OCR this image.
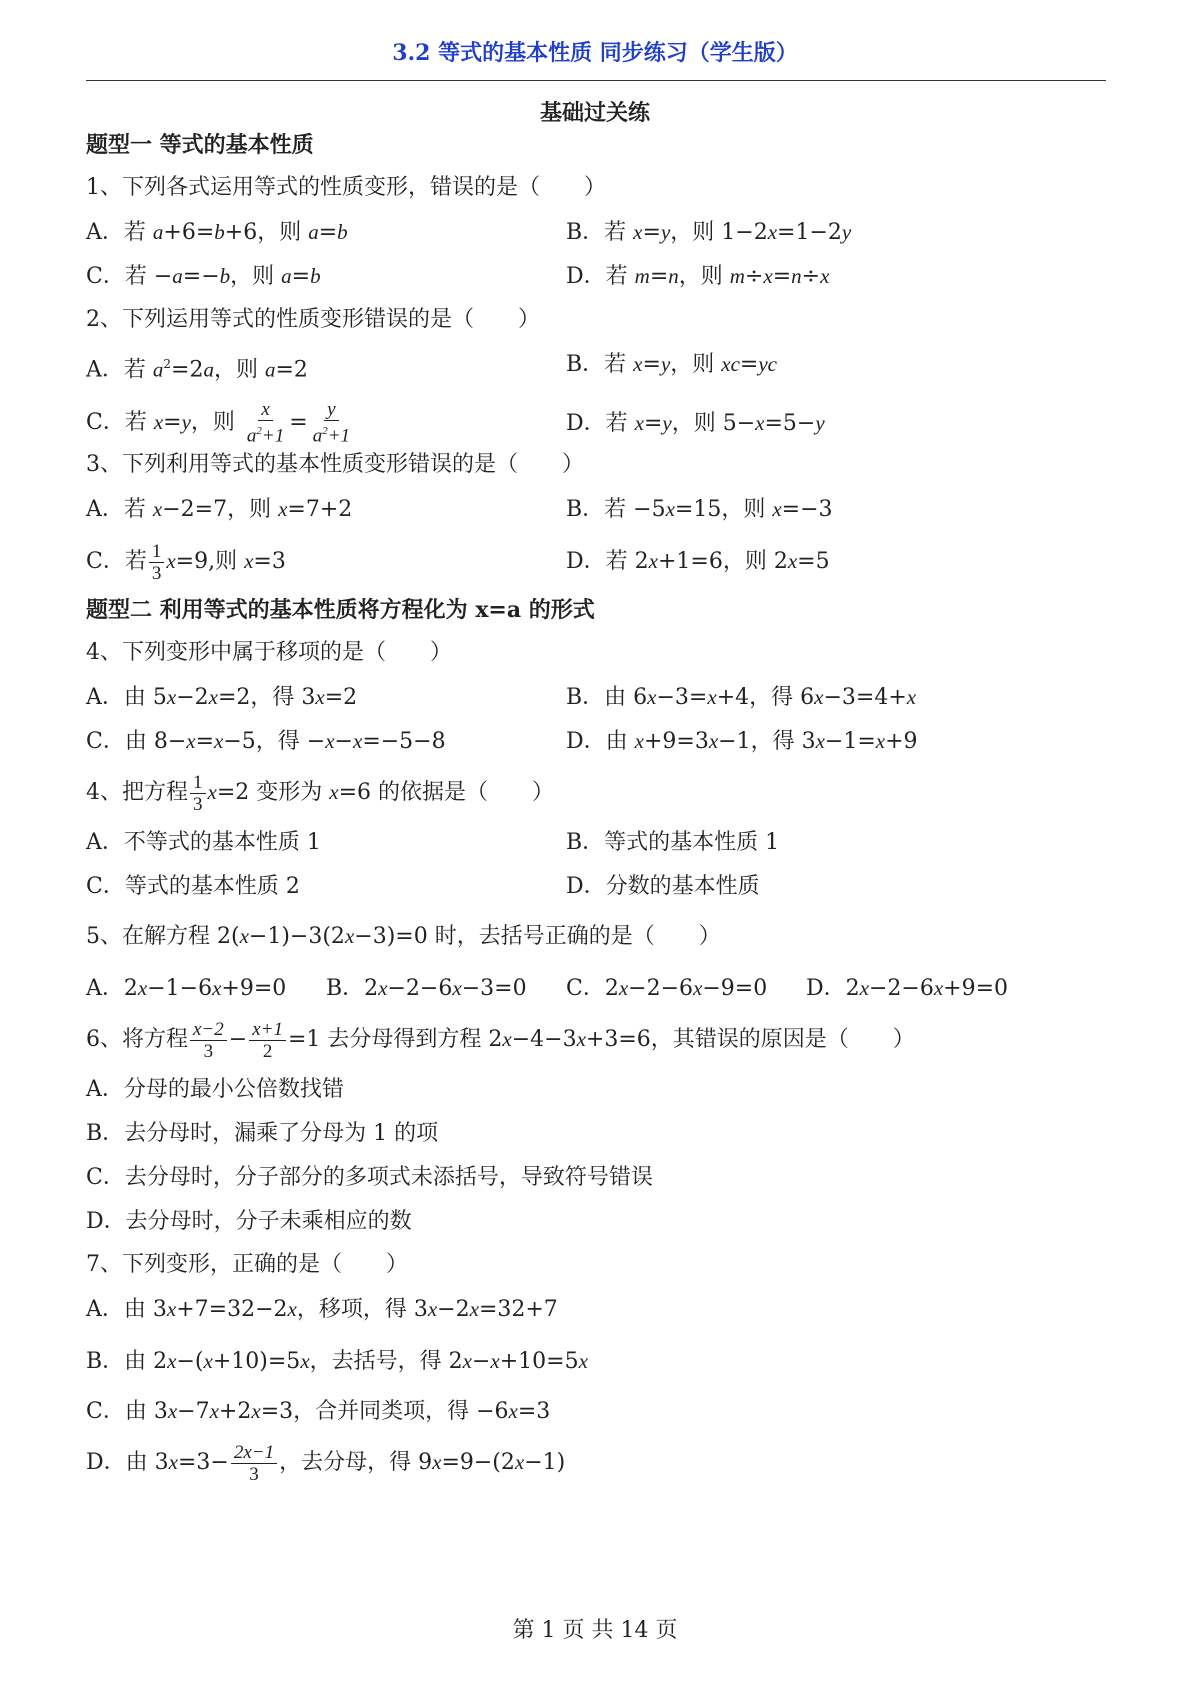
3.2 等式的基本性质 同步练习（学生版）
基础过关练
题型一 等式的基本性质
1、下列各式运用等式的性质变形，错误的是（　　）
A．若 a+6=b+6，则 a=b	B．若 x=y，则 1−2x=1−2y
C．若 −a=−b，则 a=b	D．若 m=n，则 m÷x=n÷x
2、下列运用等式的性质变形错误的是（　　）
A．若 $a^2=2a$，则 a=2	B．若 x=y，则 xc=yc
C．若 x=y，则 $\frac{x}{a^2+1} = \frac{y}{a^2+1}$	D．若 x=y，则 5−x=5−y
3、下列利用等式的基本性质变形错误的是（　　）
A．若 x−2=7，则 x=7+2	B．若 −5x=15，则 x=−3
C．若 $\frac{1}{3} x=9$,则 x=3	D．若 2x+1=6，则 2x=5
题型二 利用等式的基本性质将方程化为 x=a 的形式
4、下列变形中属于移项的是（　　）
A．由 5x−2x=2，得 3x=2	B．由 6x−3=x+4，得 6x−3=4+x
C．由 8−x=x−5，得 −x−x=−5−8	D．由 x+9=3x−1，得 3x−1=x+9
4、把方程 $\frac{1}{3} x=2$ 变形为 x=6 的依据是（　　）
A．不等式的基本性质 1	B．等式的基本性质 1
C．等式的基本性质 2	D．分数的基本性质
5、在解方程 2(x−1)−3(2x−3)=0 时，去括号正确的是（　　）
A．2x−1−6x+9=0 B．2x−2−6x−3=0 C．2x−2−6x−9=0 D．2x−2−6x+9=0
6、将方程 $\frac{x-2}{3} - \frac{x+1}{2} =1$ 去分母得到方程 2x−4−3x+3=6，其错误的原因是（　　）
A．分母的最小公倍数找错
B．去分母时，漏乘了分母为 1 的项
C．去分母时，分子部分的多项式未添括号，导致符号错误
D．去分母时，分子未乘相应的数
7、下列变形，正确的是（　　）
A．由 3x+7=32−2x，移项，得 3x−2x=32+7
B．由 2x−(x+10)=5x，去括号，得 2x−x+10=5x
C．由 3x−7x+2x=3，合并同类项，得 −6x=3
D．由 $3x=3- \frac{2x-1}{3}$ ，去分母，得 9x=9−(2x−1)
第 1 页 共 14 页
